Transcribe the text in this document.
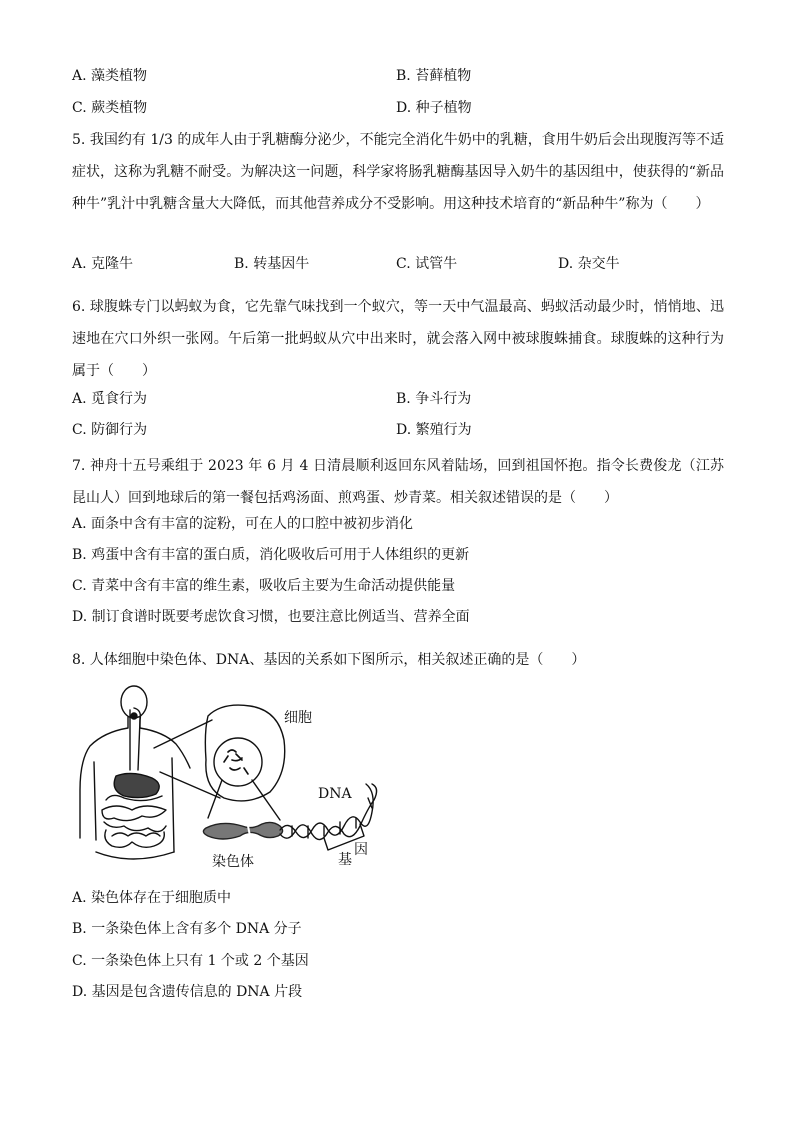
A. 藻类植物	B. 苔藓植物
C. 蕨类植物	D. 种子植物
5. 我国约有 1/3 的成年人由于乳糖酶分泌少，不能完全消化牛奶中的乳糖，食用牛奶后会出现腹泻等不适症状，这称为乳糖不耐受。为解决这一问题，科学家将肠乳糖酶基因导入奶牛的基因组中，使获得的“新品种牛”乳汁中乳糖含量大大降低，而其他营养成分不受影响。用这种技术培育的“新品种牛”称为（　　）
A. 克隆牛	B. 转基因牛	C. 试管牛	D. 杂交牛
6. 球腹蛛专门以蚂蚁为食，它先靠气味找到一个蚁穴，等一天中气温最高、蚂蚁活动最少时，悄悄地、迅速地在穴口外织一张网。午后第一批蚂蚁从穴中出来时，就会落入网中被球腹蛛捕食。球腹蛛的这种行为属于（　　）
A. 觅食行为	B. 争斗行为
C. 防御行为	D. 繁殖行为
7. 神舟十五号乘组于 2023 年 6 月 4 日清晨顺利返回东风着陆场，回到祖国怀抱。指令长费俊龙（江苏昆山人）回到地球后的第一餐包括鸡汤面、煎鸡蛋、炒青菜。相关叙述错误的是（　　）
A. 面条中含有丰富的淀粉，可在人的口腔中被初步消化
B. 鸡蛋中含有丰富的蛋白质，消化吸收后可用于人体组织的更新
C. 青菜中含有丰富的维生素，吸收后主要为生命活动提供能量
D. 制订食谱时既要考虑饮食习惯，也要注意比例适当、营养全面
8. 人体细胞中染色体、DNA、基因的关系如下图所示，相关叙述正确的是（　　）
细胞
DNA
染色体	基
因
A. 染色体存在于细胞质中
B. 一条染色体上含有多个 DNA 分子
C. 一条染色体上只有 1 个或 2 个基因
D. 基因是包含遗传信息的 DNA 片段
